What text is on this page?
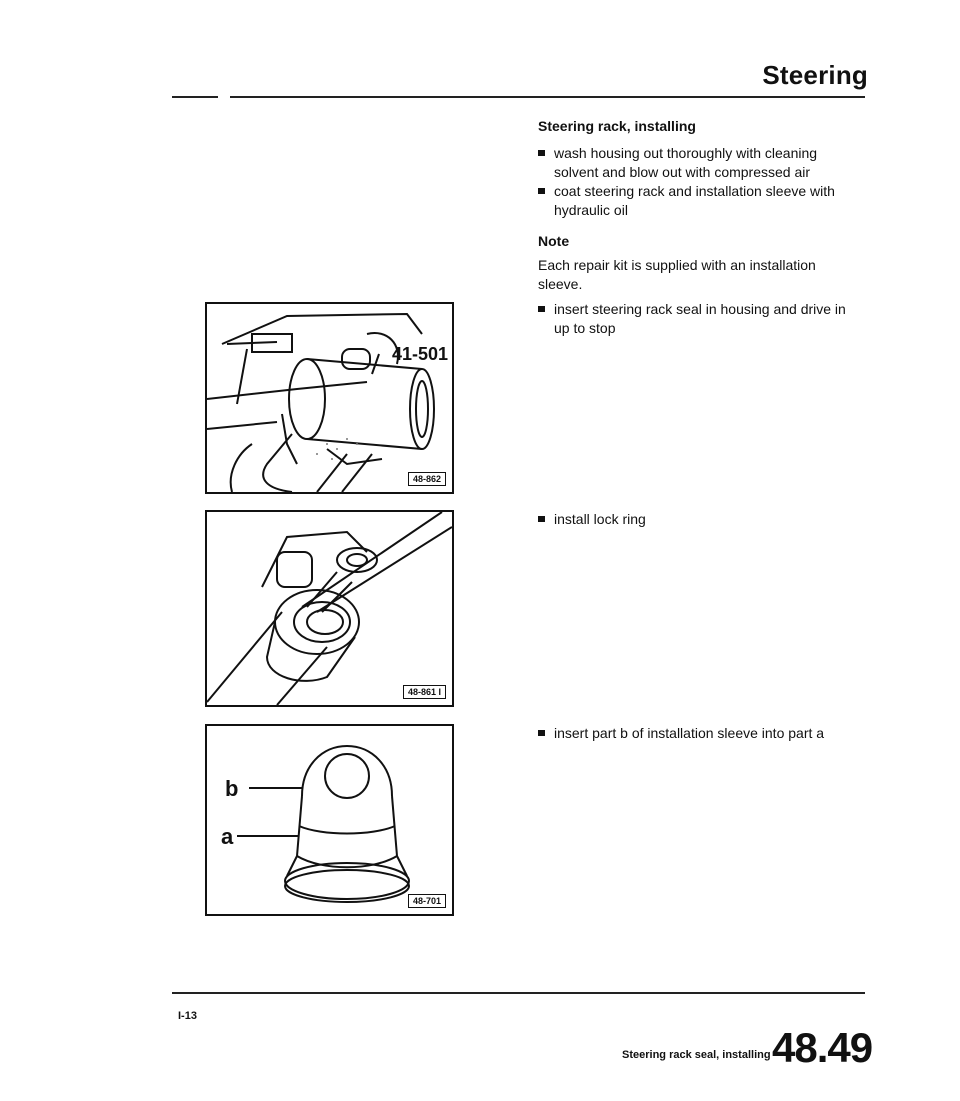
Steering
Steering rack, installing
wash housing out thoroughly with cleaning solvent and blow out with compressed air
coat steering rack and installation sleeve with hydraulic oil
Note
Each repair kit is supplied with an installation sleeve.
insert steering rack seal in housing and drive in up to stop
install lock ring
insert part b of installation sleeve into part a
41-501
48-862
48-861 I
b
a
48-701
I-13
Steering rack seal, installing 48.49
